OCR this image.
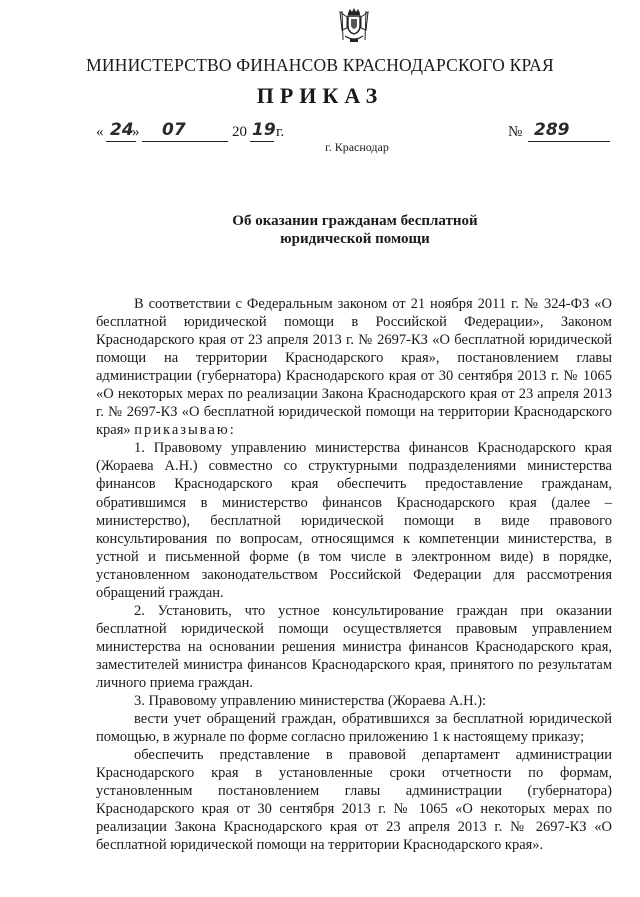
МИНИСТЕРСТВО ФИНАНСОВ КРАСНОДАРСКОГО КРАЯ
ПРИКАЗ
« 24
» 07	20 19 г.	№ 289
г. Краснодар
Об оказании гражданам бесплатной
юридической помощи

В соответствии с Федеральным законом от 21 ноября 2011 г. № 324-ФЗ «О бесплатной юридической помощи в Российской Федерации», Законом Краснодарского края от 23 апреля 2013 г. № 2697-КЗ «О бесплатной юридической помощи на территории Краснодарского края», постановлением главы администрации (губернатора) Краснодарского края от 30 сентября 2013 г. № 1065 «О некоторых мерах по реализации Закона Краснодарского края от 23 апреля 2013 г. № 2697-КЗ «О бесплатной юридической помощи на территории Краснодарского края» приказываю:

1. Правовому управлению министерства финансов Краснодарского края (Жораева А.Н.) совместно со структурными подразделениями министерства финансов Краснодарского края обеспечить предоставление гражданам, обратившимся в министерство финансов Краснодарского края (далее – министерство), бесплатной юридической помощи в виде правового консультирования по вопросам, относящимся к компетенции министерства, в устной и письменной форме (в том числе в электронном виде) в порядке, установленном законодательством Российской Федерации для рассмотрения обращений граждан.

2. Установить, что устное консультирование граждан при оказании бесплатной юридической помощи осуществляется правовым управлением министерства на основании решения министра финансов Краснодарского края, заместителей министра финансов Краснодарского края, принятого по результатам личного приема граждан.

3. Правовому управлению министерства (Жораева А.Н.):

вести учет обращений граждан, обратившихся за бесплатной юридической помощью, в журнале по форме согласно приложению 1 к настоящему приказу;

обеспечить представление в правовой департамент администрации Краснодарского края в установленные сроки отчетности по формам, установленным постановлением главы администрации (губернатора) Краснодарского края от 30 сентября 2013 г. № 1065 «О некоторых мерах по реализации Закона Краснодарского края от 23 апреля 2013 г. № 2697-КЗ «О бесплатной юридической помощи на территории Краснодарского края».
